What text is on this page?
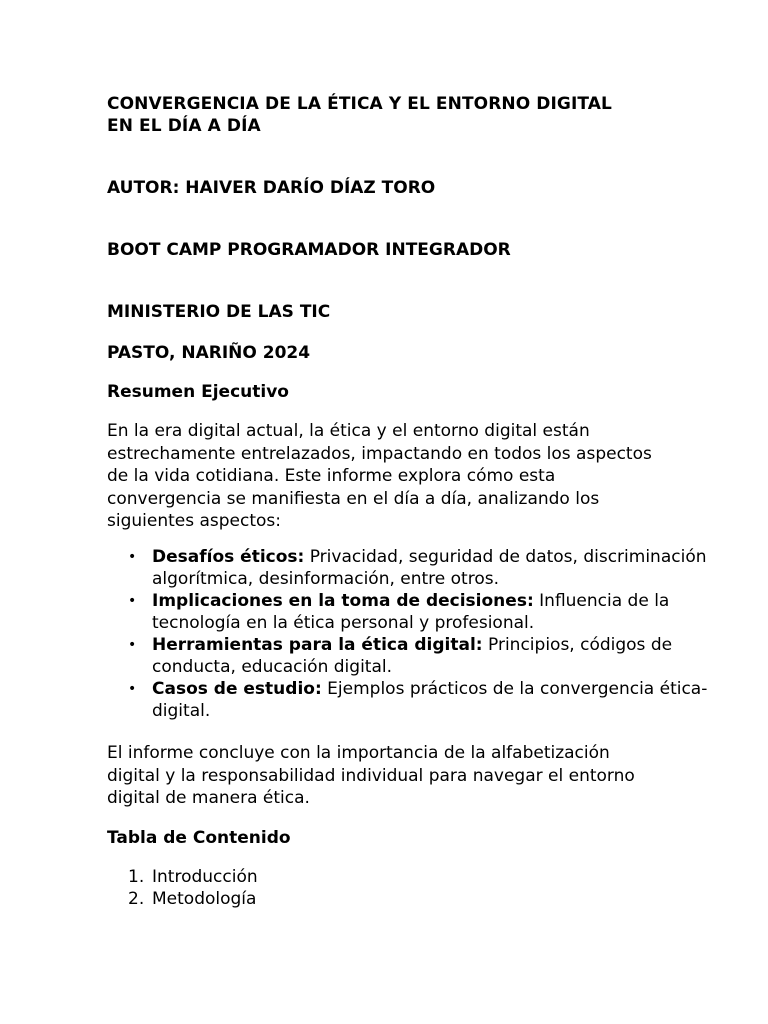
CONVERGENCIA DE LA ÉTICA Y EL ENTORNO DIGITAL
EN EL DÍA A DÍA
AUTOR: HAIVER DARÍO DÍAZ TORO
BOOT CAMP PROGRAMADOR INTEGRADOR
MINISTERIO DE LAS TIC
PASTO, NARIÑO 2024
Resumen Ejecutivo

En la era digital actual, la ética y el entorno digital están estrechamente entrelazados, impactando en todos los aspectos de la vida cotidiana. Este informe explora cómo esta convergencia se manifiesta en el día a día, analizando los siguientes aspectos:

• Desafíos éticos: Privacidad, seguridad de datos, discriminación algorítmica, desinformación, entre otros.
• Implicaciones en la toma de decisiones: Influencia de la tecnología en la ética personal y profesional.
• Herramientas para la ética digital: Principios, códigos de conducta, educación digital.
• Casos de estudio: Ejemplos prácticos de la convergencia ética-digital.

El informe concluye con la importancia de la alfabetización digital y la responsabilidad individual para navegar el entorno digital de manera ética.

Tabla de Contenido
1. Introducción
2. Metodología
